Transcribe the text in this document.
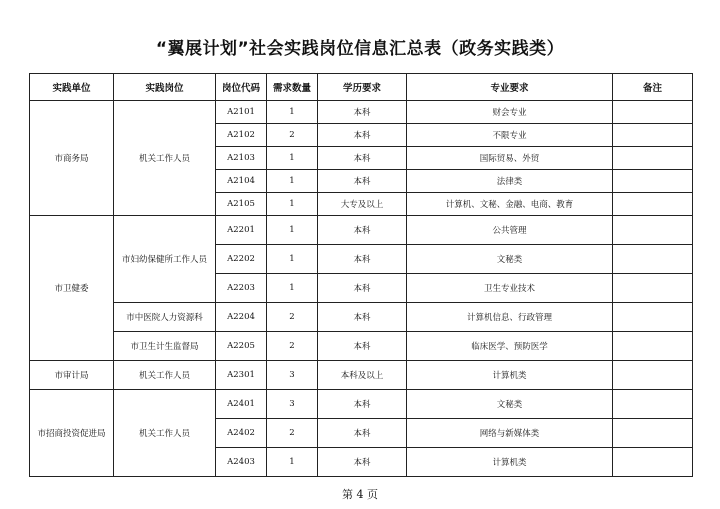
“翼展计划”社会实践岗位信息汇总表（政务实践类）
实践单位	实践岗位	岗位代码	需求数量	学历要求	专业要求	备注
市商务局	机关工作人员	A2101	1	本科	财会专业	
		A2102	2	本科	不限专业	
		A2103	1	本科	国际贸易、外贸	
		A2104	1	本科	法律类	
		A2105	1	大专及以上	计算机、文秘、金融、电商、教育	
市卫健委	市妇幼保健所工作人员	A2201	1	本科	公共管理	
		A2202	1	本科	文秘类	
		A2203	1	本科	卫生专业技术	
	市中医院人力资源科	A2204	2	本科	计算机信息、行政管理	
	市卫生计生监督局	A2205	2	本科	临床医学、预防医学	
市审计局	机关工作人员	A2301	3	本科及以上	计算机类	
市招商投资促进局	机关工作人员	A2401	3	本科	文秘类	
		A2402	2	本科	网络与新媒体类	
		A2403	1	本科	计算机类	
第 4 页
